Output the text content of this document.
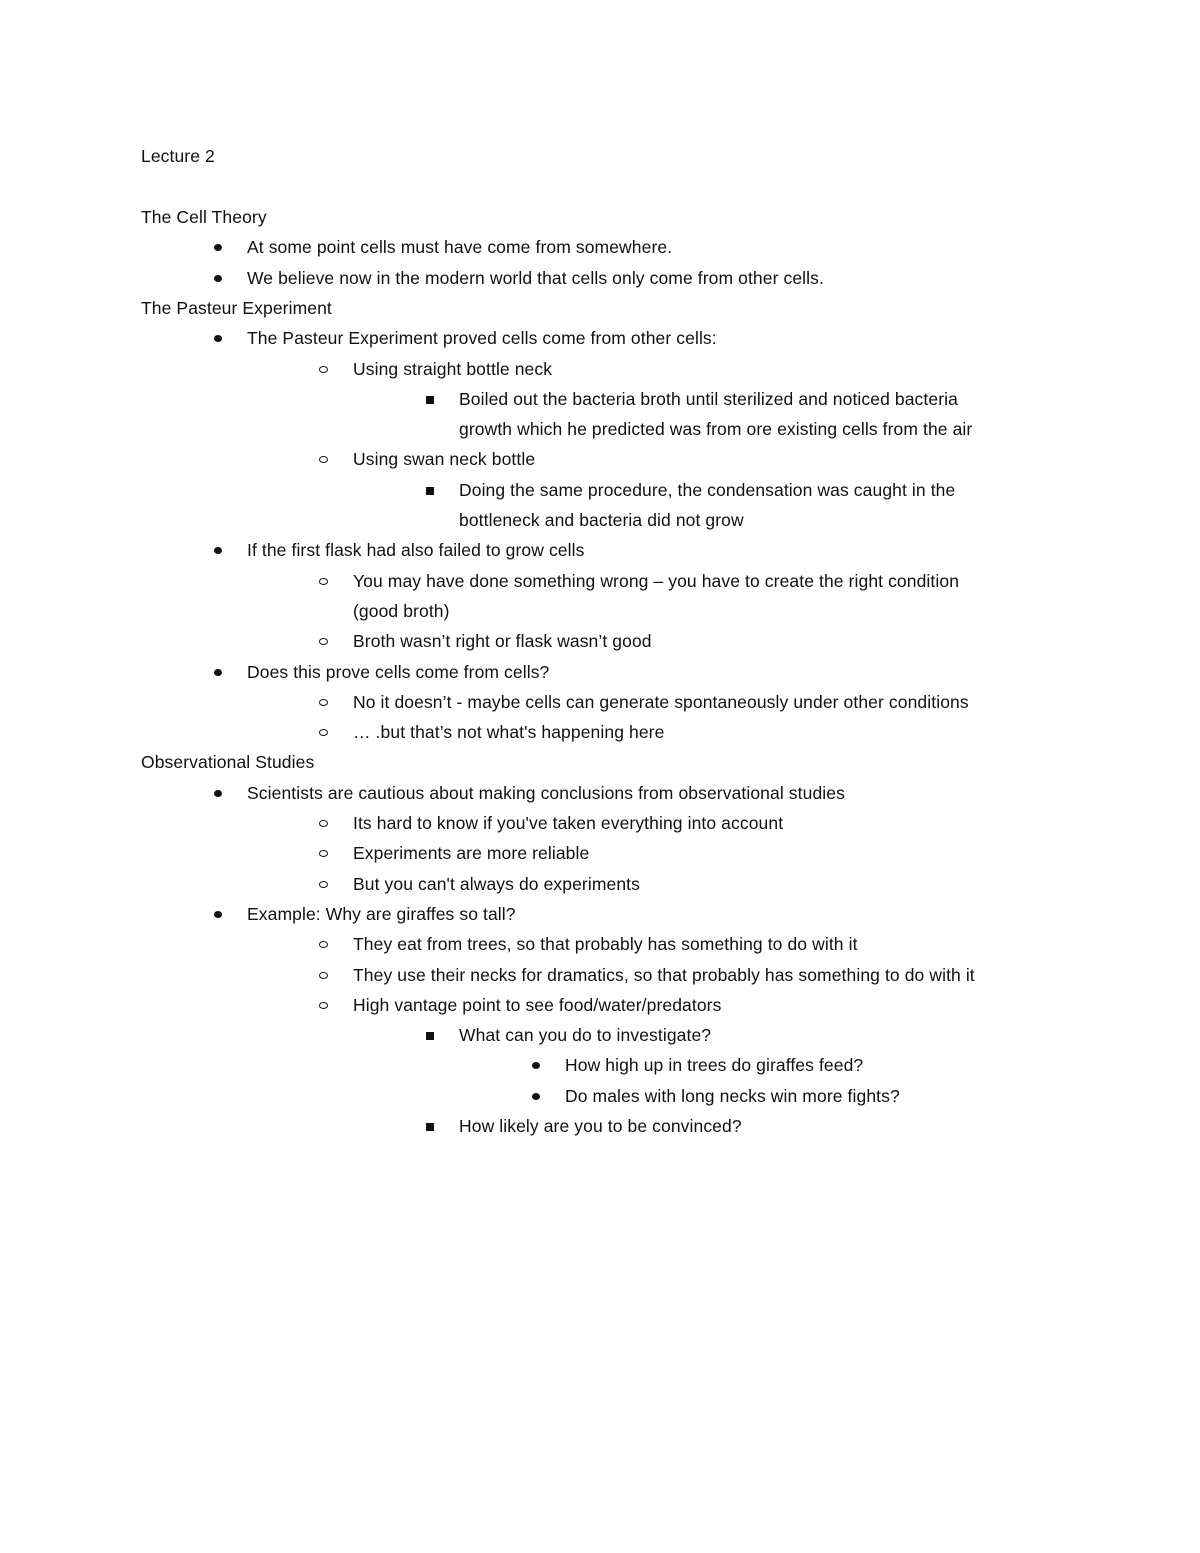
Lecture 2
The Cell Theory
At some point cells must have come from somewhere.
We believe now in the modern world that cells only come from other cells.
The Pasteur Experiment
The Pasteur Experiment proved cells come from other cells:
Using straight bottle neck
Boiled out the bacteria broth until sterilized and noticed bacteria
growth which he predicted was from ore existing cells from the air
Using swan neck bottle
Doing the same procedure, the condensation was caught in the
bottleneck and bacteria did not grow
If the first flask had also failed to grow cells
You may have done something wrong – you have to create the right condition
(good broth)
Broth wasn’t right or flask wasn’t good
Does this prove cells come from cells?
No it doesn’t - maybe cells can generate spontaneously under other conditions
… .but that’s not what's happening here
Observational Studies
Scientists are cautious about making conclusions from observational studies
Its hard to know if you've taken everything into account
Experiments are more reliable
But you can't always do experiments
Example: Why are giraffes so tall?
They eat from trees, so that probably has something to do with it
They use their necks for dramatics, so that probably has something to do with it
High vantage point to see food/water/predators
What can you do to investigate?
How high up in trees do giraffes feed?
Do males with long necks win more fights?
How likely are you to be convinced?
